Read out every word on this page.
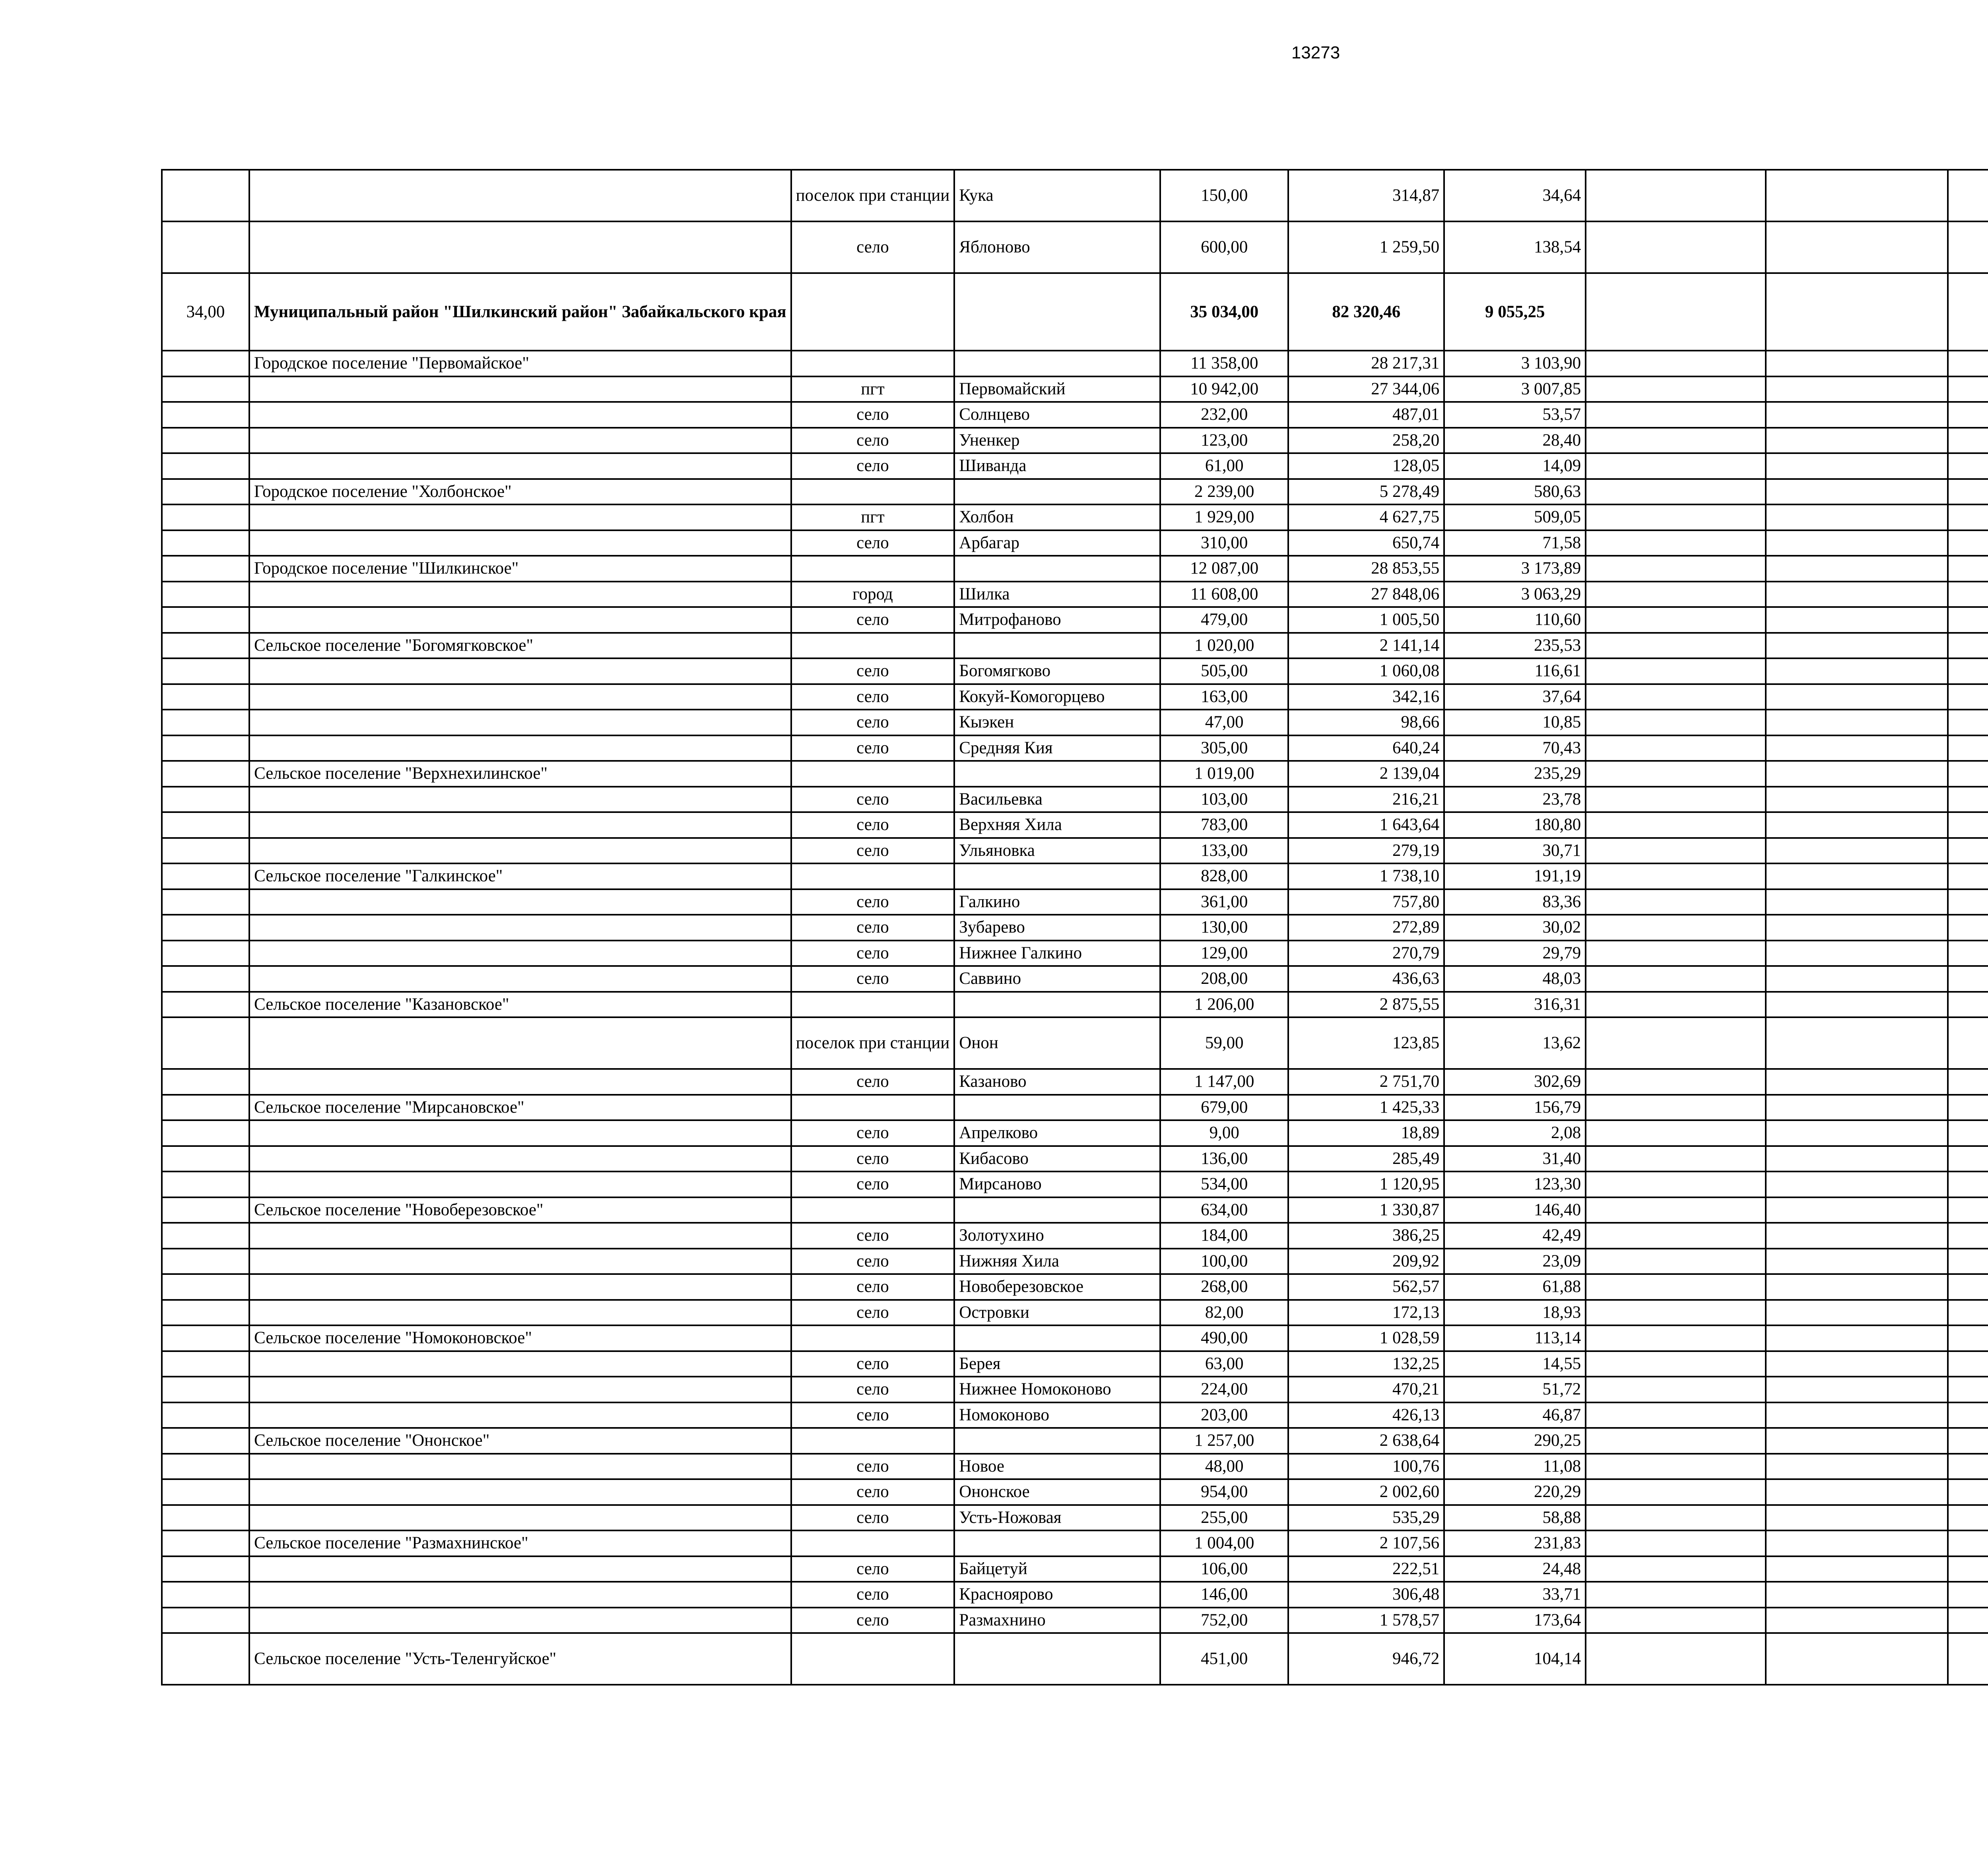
13273
		поселок при станции	Кука	150,00	314,87	34,64						
		село	Яблоново	600,00	1 259,50	138,54						
34,00	Муниципальный район "Шилкинский район" Забайкальского края			35 034,00	82 320,46	9 055,25						
	Городское поселение "Первомайское"			11 358,00	28 217,31	3 103,90						
		пгт	Первомайский	10 942,00	27 344,06	3 007,85						
		село	Солнцево	232,00	487,01	53,57						
		село	Уненкер	123,00	258,20	28,40						
		село	Шиванда	61,00	128,05	14,09						
	Городское поселение "Холбонское"			2 239,00	5 278,49	580,63						
		пгт	Холбон	1 929,00	4 627,75	509,05						
		село	Арбагар	310,00	650,74	71,58						
	Городское поселение "Шилкинское"			12 087,00	28 853,55	3 173,89						
		город	Шилка	11 608,00	27 848,06	3 063,29						
		село	Митрофаново	479,00	1 005,50	110,60						
	Сельское поселение "Богомягковское"			1 020,00	2 141,14	235,53						
		село	Богомягково	505,00	1 060,08	116,61						
		село	Кокуй-Комогорцево	163,00	342,16	37,64						
		село	Кыэкен	47,00	98,66	10,85						
		село	Средняя Кия	305,00	640,24	70,43						
	Сельское поселение "Верхнехилинское"			1 019,00	2 139,04	235,29						
		село	Васильевка	103,00	216,21	23,78						
		село	Верхняя Хила	783,00	1 643,64	180,80						
		село	Ульяновка	133,00	279,19	30,71						
	Сельское поселение "Галкинское"			828,00	1 738,10	191,19						
		село	Галкино	361,00	757,80	83,36						
		село	Зубарево	130,00	272,89	30,02						
		село	Нижнее Галкино	129,00	270,79	29,79						
		село	Саввино	208,00	436,63	48,03						
	Сельское поселение "Казановское"			1 206,00	2 875,55	316,31						
		поселок при станции	Онон	59,00	123,85	13,62						
		село	Казаново	1 147,00	2 751,70	302,69						
	Сельское поселение "Мирсановское"			679,00	1 425,33	156,79						
		село	Апрелково	9,00	18,89	2,08						
		село	Кибасово	136,00	285,49	31,40						
		село	Мирсаново	534,00	1 120,95	123,30						
	Сельское поселение "Новоберезовское"			634,00	1 330,87	146,40						
		село	Золотухино	184,00	386,25	42,49						
		село	Нижняя Хила	100,00	209,92	23,09						
		село	Новоберезовское	268,00	562,57	61,88						
		село	Островки	82,00	172,13	18,93						
	Сельское поселение "Номоконовское"			490,00	1 028,59	113,14						
		село	Берея	63,00	132,25	14,55						
		село	Нижнее Номоконово	224,00	470,21	51,72						
		село	Номоконово	203,00	426,13	46,87						
	Сельское поселение "Ононское"			1 257,00	2 638,64	290,25						
		село	Новое	48,00	100,76	11,08						
		село	Ононское	954,00	2 002,60	220,29						
		село	Усть-Ножовая	255,00	535,29	58,88						
	Сельское поселение "Размахнинское"			1 004,00	2 107,56	231,83						
		село	Байцетуй	106,00	222,51	24,48						
		село	Красноярово	146,00	306,48	33,71						
		село	Размахнино	752,00	1 578,57	173,64						
	Сельское поселение "Усть-Теленгуйское"			451,00	946,72	104,14						
